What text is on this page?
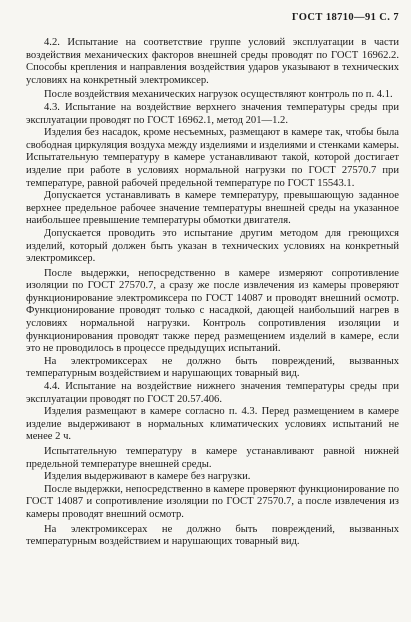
ГОСТ 18710—91 С. 7

4.2. Испытание на соответствие группе условий эксплуатации в части воздействия механических факторов внешней среды проводят по ГОСТ 16962.2. Способы крепления и направления воздействия ударов указывают в технических условиях на конкретный электромиксер.

После воздействия механических нагрузок осуществляют контроль по п. 4.1.

4.3. Испытание на воздействие верхнего значения температуры среды при эксплуатации проводят по ГОСТ 16962.1, метод 201—1.2.

Изделия без насадок, кроме несъемных, размещают в камере так, чтобы была свободная циркуляция воздуха между изделиями и изделиями и стенками камеры. Испытательную температуру в камере устанавливают такой, которой достигает изделие при работе в условиях нормальной нагрузки по ГОСТ 27570.7 при температуре, равной рабочей предельной температуре по ГОСТ 15543.1.

Допускается устанавливать в камере температуру, превышающую заданное верхнее предельное рабочее значение температуры внешней среды на указанное наибольшее превышение температуры обмотки двигателя.

Допускается проводить это испытание другим методом для греющихся изделий, который должен быть указан в технических условиях на конкретный электромиксер.

После выдержки, непосредственно в камере измеряют сопротивление изоляции по ГОСТ 27570.7, а сразу же после извлечения из камеры проверяют функционирование электромиксера по ГОСТ 14087 и проводят внешний осмотр. Функционирование проводят только с насадкой, дающей наибольший нагрев в условиях нормальной нагрузки. Контроль сопротивления изоляции и функционирования проводят также перед размещением изделий в камере, если это не проводилось в процессе предыдущих испытаний.

На электромиксерах не должно быть повреждений, вызванных температурным воздействием и нарушающих товарный вид.

4.4. Испытание на воздействие нижнего значения температуры среды при эксплуатации проводят по ГОСТ 20.57.406.

Изделия размещают в камере согласно п. 4.3. Перед размещением в камере изделие выдерживают в нормальных климатических условиях испытаний не менее 2 ч.

Испытательную температуру в камере устанавливают равной нижней предельной температуре внешней среды.

Изделия выдерживают в камере без нагрузки.

После выдержки, непосредственно в камере проверяют функционирование по ГОСТ 14087 и сопротивление изоляции по ГОСТ 27570.7, а после извлечения из камеры проводят внешний осмотр.

На электромиксерах не должно быть повреждений, вызванных температурным воздействием и нарушающих товарный вид.
